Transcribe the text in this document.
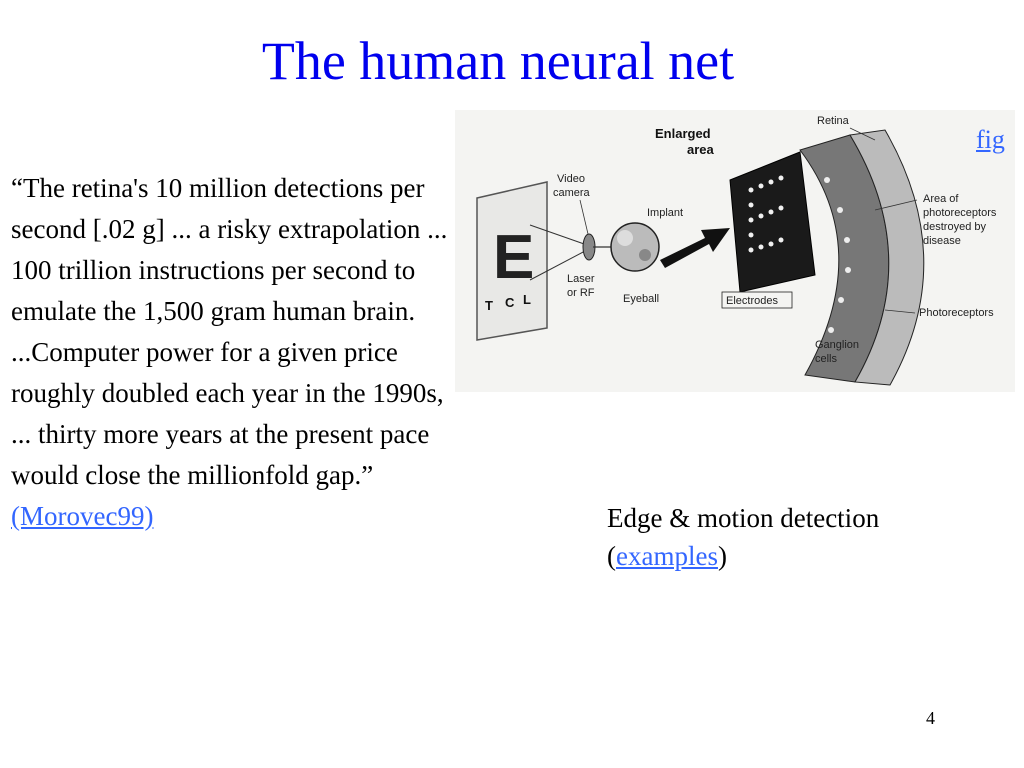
The human neural net
“The retina's 10 million detections per second [.02 g] ... a risky extrapolation ... 100 trillion instructions per second to emulate the 1,500 gram human brain. ...Computer power for a given price roughly doubled each year in the 1990s, ... thirty more years at the present pace would close the millionfold gap.” (Morovec99)
E
T C L
Enlarged
area
Retina
Video
camera
Implant
Laser
or RF	Eyeball	Electrodes
Area of
photoreceptors
destroyed by
disease
Photoreceptors
Ganglion
cells
fig
Edge & motion detection
(examples)
4
